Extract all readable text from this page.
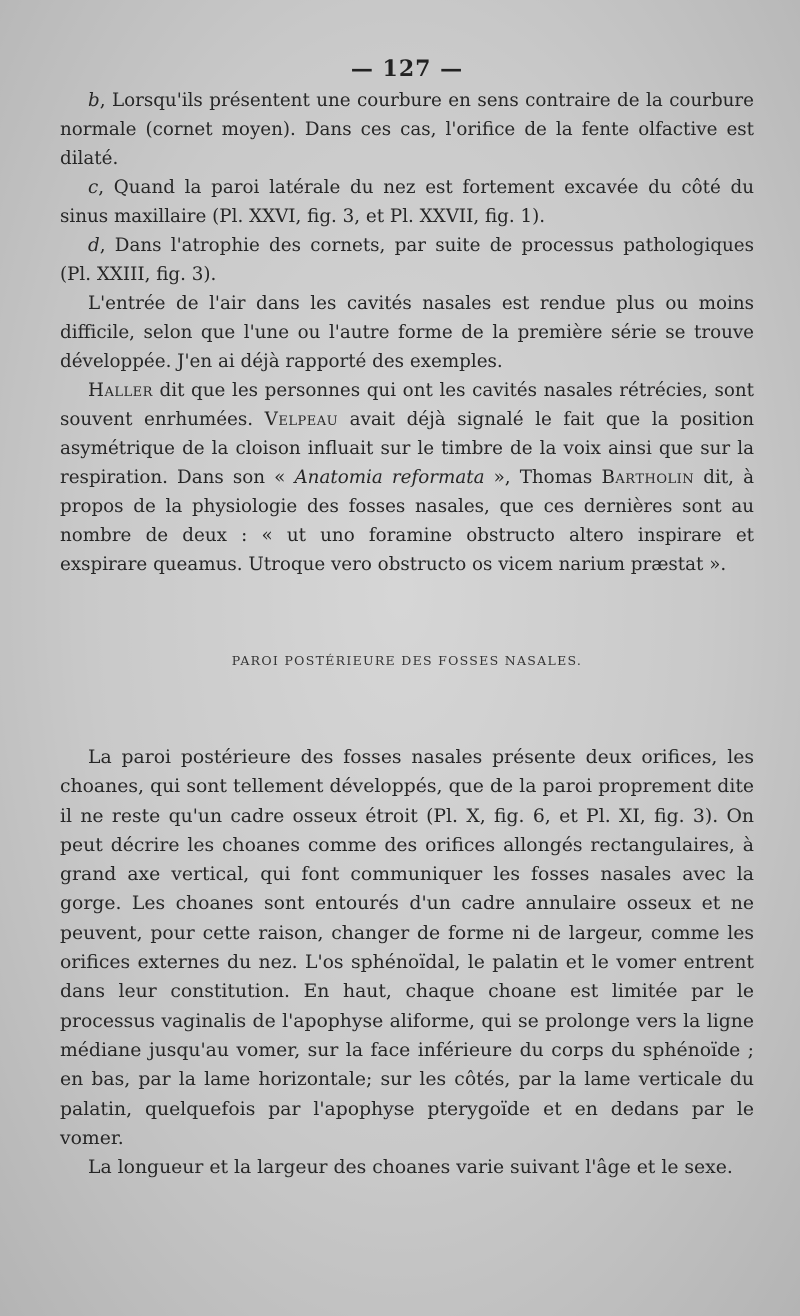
— 127 —

b, Lorsqu'ils présentent une courbure en sens contraire de la courbure normale (cornet moyen). Dans ces cas, l'orifice de la fente olfactive est dilaté.

c, Quand la paroi latérale du nez est fortement excavée du côté du sinus maxillaire (Pl. XXVI, fig. 3, et Pl. XXVII, fig. 1).

d, Dans l'atrophie des cornets, par suite de processus pathologiques (Pl. XXIII, fig. 3).

L'entrée de l'air dans les cavités nasales est rendue plus ou moins difficile, selon que l'une ou l'autre forme de la première série se trouve développée. J'en ai déjà rapporté des exemples.

Haller dit que les personnes qui ont les cavités nasales rétrécies, sont souvent enrhumées. Velpeau avait déjà signalé le fait que la position asymétrique de la cloison influait sur le timbre de la voix ainsi que sur la respiration. Dans son « Anatomia reformata », Thomas Bartholin dit, à propos de la physiologie des fosses nasales, que ces dernières sont au nombre de deux : « ut uno foramine obstructo altero inspirare et exspirare queamus. Utroque vero obstructo os vicem narium præstat ».

PAROI POSTÉRIEURE DES FOSSES NASALES.

La paroi postérieure des fosses nasales présente deux orifices, les choanes, qui sont tellement développés, que de la paroi proprement dite il ne reste qu'un cadre osseux étroit (Pl. X, fig. 6, et Pl. XI, fig. 3). On peut décrire les choanes comme des orifices allongés rectangulaires, à grand axe vertical, qui font communiquer les fosses nasales avec la gorge. Les choanes sont entourés d'un cadre annulaire osseux et ne peuvent, pour cette raison, changer de forme ni de largeur, comme les orifices externes du nez. L'os sphénoïdal, le palatin et le vomer entrent dans leur constitution. En haut, chaque choane est limitée par le processus vaginalis de l'apophyse aliforme, qui se prolonge vers la ligne médiane jusqu'au vomer, sur la face inférieure du corps du sphénoïde ; en bas, par la lame horizontale; sur les côtés, par la lame verticale du palatin, quelquefois par l'apophyse pterygoïde et en dedans par le vomer.

La longueur et la largeur des choanes varie suivant l'âge et le sexe.
